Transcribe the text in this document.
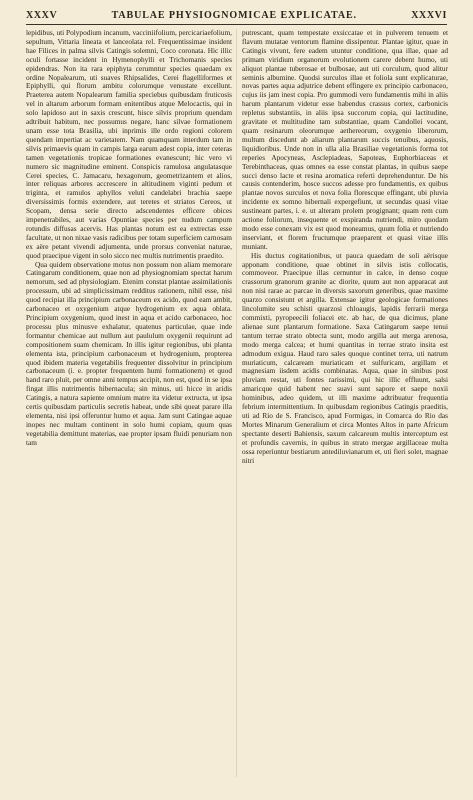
XXXV	TABULAE PHYSIOGNOMICAE EXPLICATAE.	XXXVI

lepidibus, uti Polypodium incanum, vacciniifolium, percicariaefolium, sepultum, Vittaria lineata et lanceolata rel. Frequentissimae insident hae Filices in palma silvis Catingis solemni, Coco coronata. Hic illic oculi fortasse incident in Hymenophylli et Trichomanis species epidendras. Non ita rara epiphyta cerumntur species quaedam ex ordine Nopalearum, uti suaves Rhipsalides, Cerei flagelliformes et Epiphylli, qui florum ambitu colorumque venustate excellunt. Praeterea autem Nopalearum familia speciebus quibusdam fruticosis vel in altarum arborum formam enitentibus atque Melocactis, qui in solo lapidoso aut in saxis crescunt, hisce silvis proprium quendam adtribuit habitum, nec possumus negare, hanc silvae formationem unam esse tota Brasilia, ubi inprimis ille ordo regioni colorem quendam impertiat ac varietatem. Nam quamquam interdum tam in silvis primaevis quam in campis larga earum adest copia, inter ceteras tamen vegetationis tropicae formationes evanescunt; hic vero vi numero sic magnitudine eminent. Conspicis ramulosa angulatasque Cerei species, C. Jamacaru, hexagonum, geometrizantem et alios, inter reliquas arbores accrescere in altitudinem viginti pedum et triginta, et ramulos aphyllos veluti candelabri brachia saepe diversissimis formis extendere, aut teretes et striatos Cereos, ut Scopam, densa serie directo adscendentes efficere obices impenetrabiles, aut varias Opuntiae species per nudum campum rotundis diffusas acervis. Has plantas notum est ea extrectas esse facultate, ut non nixae vasis radicibus per totam superficiem carnosam ex aëre petant vivendi adjumenta, unde prorsus conveniat naturae, quod praecipue vigent in solo sicco nec multis nutrimentis praedito.

Qua quidem observatione motus non possum non aliam memorare Catingarum conditionem, quae non ad physiognomiam spectat harum nemorum, sed ad physiologiam. Etenim constat plantae assimilationis processum, ubi ad simplicissimam redditus rationem, nihil esse, nisi quod recipiat illa principium carbonaceum ex acido, quod eam ambit, carbonaceo et oxygenium atque hydrogenium ex aqua oblata. Principium oxygenium, quod inest in aqua et acido carbonaceo, hoc processu plus minusve exhalatur, quatenus particulae, quae inde formantur chemicae aut nullum aut paululum oxygenii requirunt ad compositionem suam chemicam. In illis igitur regionibus, ubi planta elementa ista, principium carbonaceum et hydrogenium, propterea quod ibidem materia vegetabilis frequenter dissolvitur in principium carbonaceum (i. e. propter frequentem humi formationem) et quod hand raro pluit, per omne anni tempus accipit, non est, quod in se ipsa fingat illis nutrimentis hibernacula; sin minus, uti hicce in aridis Catingis, a natura sapiente omnium matre ita videtur extructa, ut ipsa certis quibusdam particulis secretis habeat, unde sibi queat parare illa elementa, nisi ipsi offeruntur humo et aqua. Jam sunt Catingae aquae inopes nec multam continent in solo humi copiam, quum quas vegetabilia demittunt materias, eae propter ipsam fluidi penuriam non tam

putrescant, quam tempestate exsiccatae et in pulverem tenuem et flavum mutatae ventorum flamine dissipentur. Plantae igitur, quae in Catingis vivunt, fere eadem utuntur conditione, qua illae, quae ad primam viridium organorum evolutionem carere debent humo, uti aliquot plantae tuberosae et bulbosae, aut uti corculum, quod alitur seminis albumine. Quodsi surculos illae et foliola sunt explicaturae, novas partes aqua adjutrice debent effingere ex principio carbonaceo, cujus iis jam inest copia. Pro gummodi vero fundamentis mihi in aliis harum plantarum videtur esse habendus crassus cortex, carbonicis repletus substantiis, in aliis ipsa succorum copia, qui lactitudine, gravitate et multitudine tam substantiae, quam Candollei vocant, quam resinarum oleorumque aethereorum, oxygenio liberorum, multum discedunt ab aliarum plantarum succis tenuibus, aquosis, liquidioribus. Unde non in ulla alia Brasiliae vegetationis forma tot reperies Apocyneas, Asclepiadeas, Sapoteas, Euphorbiaceas et Terebinthaceas, quas omnes ea esse constat plantas, in quibus saepe succi denso lacte et resina aromatica referti deprehenduntur. De his causis contenderim, hosce succos adesse pro fundamentis, ex quibus plantae novos surculos et nova folia florescque effingant, ubi pluvia incidente ex somno hibernali expergefiunt, ut secundas quasi vitae sustineant partes, i. e. ut alteram prolem progignant; quam rem cum actione foliorum, insequente et exspiranda nutriendi, miro quodam modo esse conexam vix est quod moneamus, quum folia et nutriendo inserviant, et florem fructumque praeparent et quasi vitae illis muniant.

His ductus cogitationibus, ut pauca quaedam de soli aërisque apponam conditione, quae obtinet in silvis istis collocatis, commoveor. Praecipue illas cernuntur in calce, in denso coque crassorum granorum granite ac diorite, quum aut non apparacat aut non nisi rarae ac parcae in diversis saxorum generibus, quae maxime quarzo consistunt et argilla. Extensae igitur geologicae formationes lincolumite seu schisti quarzosi chloaugis, lapidis ferrarii merga commixti, pyropeecili foliacei etc. ab hac, de qua dicimus, plane alienae sunt plantarum formatione. Saxa Catingarum saepe tenui tantum terrae strato obtecta sunt, modo argilla aut merga arenosa, modo merga calcea; et humi quantitas in terrae strato insita est admodum exigua. Haud raro sales quoque continet terra, uti natrum muriaticum, calcaream muriaticam et sulfuricam, argillam et magnesiam iisdem acidis combinatas. Aqua, quae in sinibus post pluviam restat, uti fontes rarissimi, qui hic illic effluunt, salsi amaricque quid habent nec suavi sunt sapore et saepe noxii hominibus, adeo quidem, ut illi maxime adtribuatur frequentia febrium intermittentium. In quibusdam regionibus Catingis praeditis, uti ad Rio de S. Francisco, apud Formigas, in Comarca do Rio das Mortes Minarum Generalium et circa Montes Altos in parte Africum spectante deserti Bahiensis, saxum calcareum multis interceptum est et profundis cavernis, in quibus in strato mergae argillaceae multa ossa reperiuntur bestiarum antediluvianarum et, uti fieri solet, magnae nitri
